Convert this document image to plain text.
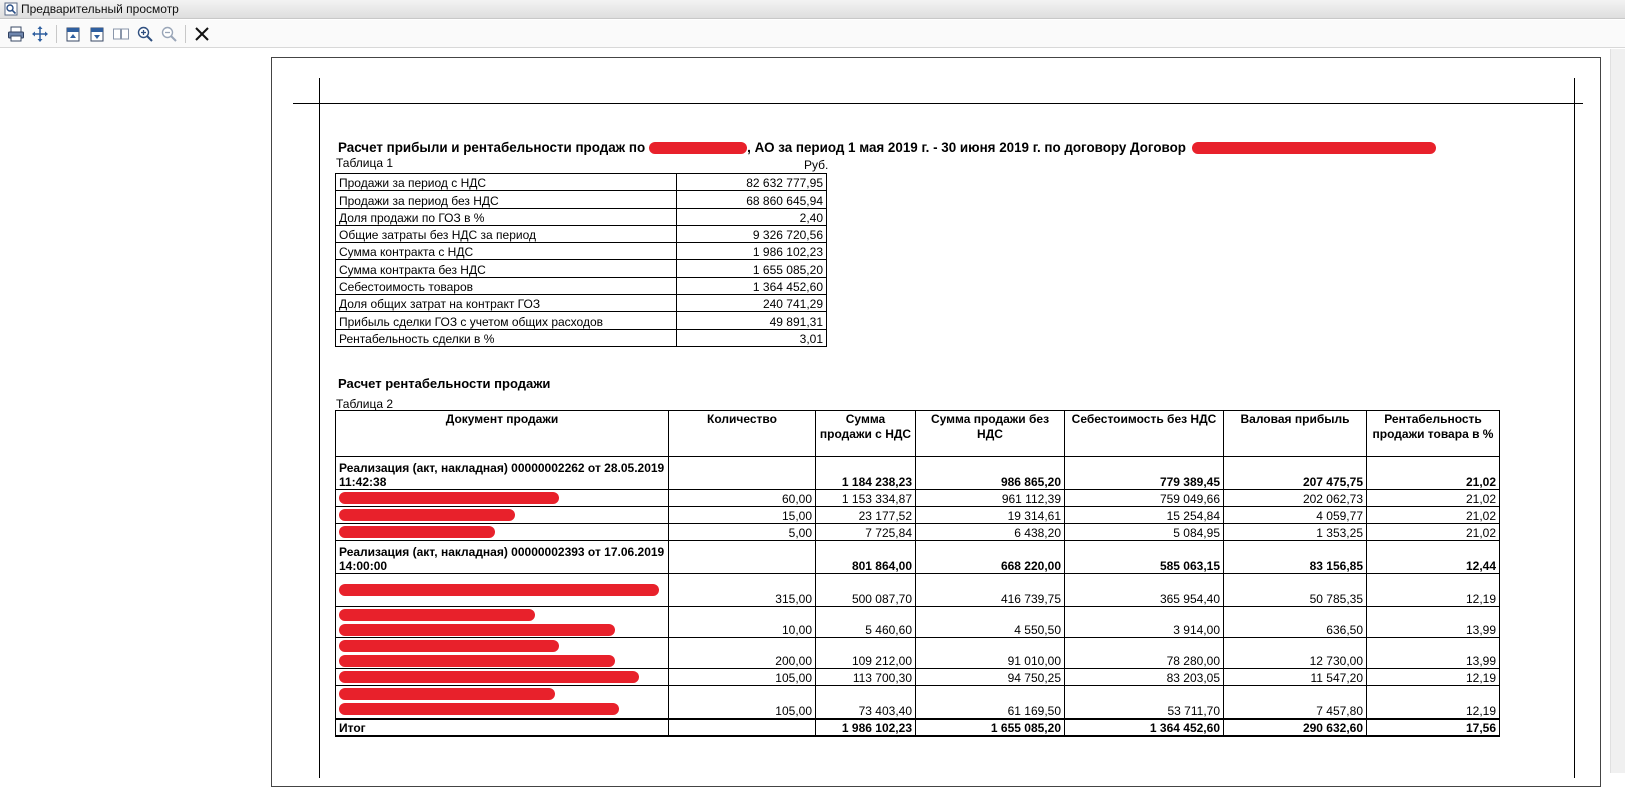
Предварительный просмотр
Расчет прибыли и рентабельности продаж по	, АО за период 1 мая 2019 г. - 30 июня 2019 г. по договору Договор
Таблица 1	Руб.
Продажи за период с НДС	82 632 777,95
Продажи за период без НДС	68 860 645,94
Доля продажи по ГОЗ в %	2,40
Общие затраты без НДС за период	9 326 720,56
Сумма контракта с НДС	1 986 102,23
Сумма контракта без НДС	1 655 085,20
Себестоимость товаров	1 364 452,60
Доля общих затрат на контракт ГОЗ	240 741,29
Прибыль сделки ГОЗ с учетом общих расходов	49 891,31
Рентабельность сделки в %	3,01
Расчет рентабельности продажи
Таблица 2
Документ продажи	Количество	Сумма продажи с НДС	Сумма продажи без НДС	Себестоимость без НДС	Валовая прибыль	Рентабельность продажи товара в %
Реализация (акт, накладная) 00000002262 от 28.05.2019 11:42:38		1 184 238,23	986 865,20	779 389,45	207 475,75	21,02

	60,00	1 153 334,87	961 112,39	759 049,66	202 062,73	21,02

	15,00	23 177,52	19 314,61	15 254,84	4 059,77	21,02

	5,00	7 725,84	6 438,20	5 084,95	1 353,25	21,02
Реализация (акт, накладная) 00000002393 от 17.06.2019 14:00:00		801 864,00	668 220,00	585 063,15	83 156,85	12,44

	315,00	500 087,70	416 739,75	365 954,40	50 785,35	12,19

	10,00	5 460,60	4 550,50	3 914,00	636,50	13,99

	200,00	109 212,00	91 010,00	78 280,00	12 730,00	13,99

	105,00	113 700,30	94 750,25	83 203,05	11 547,20	12,19

	105,00	73 403,40	61 169,50	53 711,70	7 457,80	12,19
Итог		1 986 102,23	1 655 085,20	1 364 452,60	290 632,60	17,56
